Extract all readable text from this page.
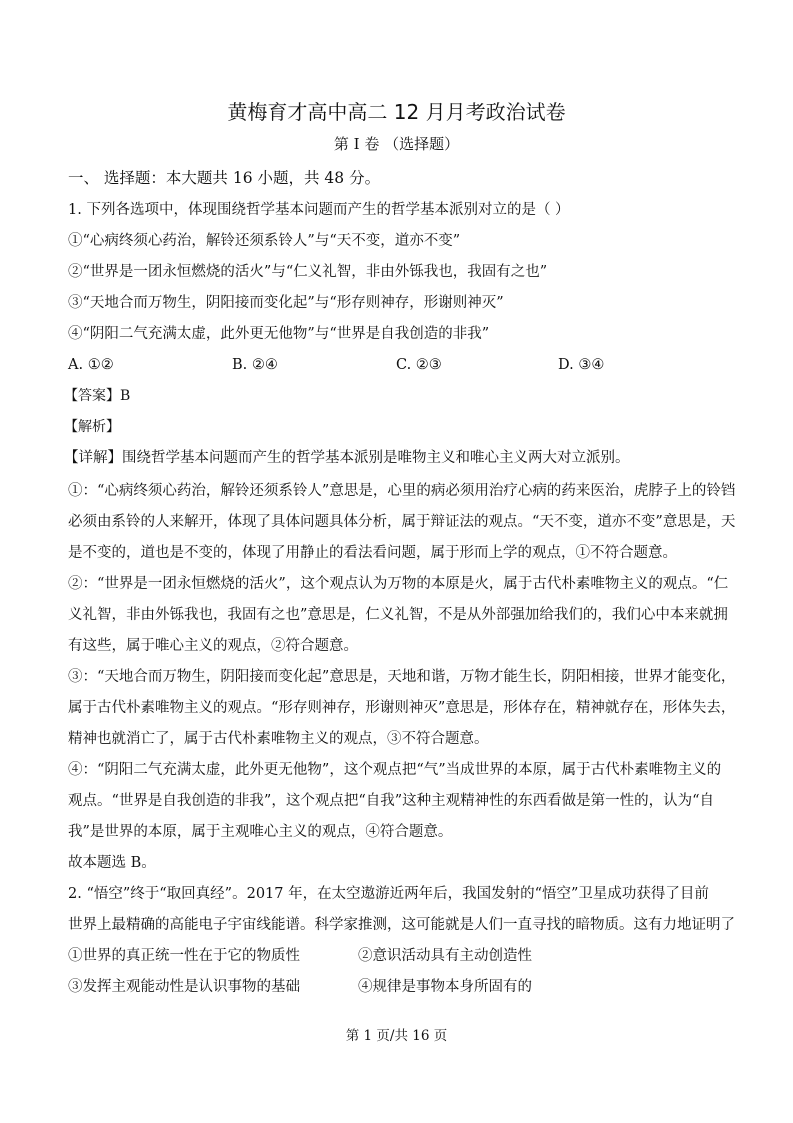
黄梅育才高中高二 12 月月考政治试卷
第 I 卷 （选择题）
一、 选择题：本大题共 16 小题，共 48 分。
1. 下列各选项中，体现围绕哲学基本问题而产生的哲学基本派别对立的是（ ）
①“心病终须心药治，解铃还须系铃人”与“天不变，道亦不变”
②“世界是一团永恒燃烧的活火”与“仁义礼智，非由外铄我也，我固有之也”
③“天地合而万物生，阴阳接而变化起”与“形存则神存，形谢则神灭”
④“阴阳二气充满太虚，此外更无他物”与“世界是自我创造的非我”
A. ①②	B. ②④	C. ②③	D. ③④
【答案】B
【解析】
【详解】围绕哲学基本问题而产生的哲学基本派别是唯物主义和唯心主义两大对立派别。
①：“心病终须心药治，解铃还须系铃人”意思是，心里的病必须用治疗心病的药来医治，虎脖子上的铃铛
必须由系铃的人来解开，体现了具体问题具体分析，属于辩证法的观点。“天不变，道亦不变”意思是，天
是不变的，道也是不变的，体现了用静止的看法看问题，属于形而上学的观点，①不符合题意。
②：“世界是一团永恒燃烧的活火”，这个观点认为万物的本原是火，属于古代朴素唯物主义的观点。“仁
义礼智，非由外铄我也，我固有之也”意思是，仁义礼智，不是从外部强加给我们的，我们心中本来就拥
有这些，属于唯心主义的观点，②符合题意。
③：“天地合而万物生，阴阳接而变化起”意思是，天地和谐，万物才能生长，阴阳相接，世界才能变化，
属于古代朴素唯物主义的观点。“形存则神存，形谢则神灭”意思是，形体存在，精神就存在，形体失去，
精神也就消亡了，属于古代朴素唯物主义的观点，③不符合题意。
④：“阴阳二气充满太虚，此外更无他物”，这个观点把“气”当成世界的本原，属于古代朴素唯物主义的
观点。“世界是自我创造的非我”，这个观点把“自我”这种主观精神性的东西看做是第一性的，认为“自
我”是世界的本原，属于主观唯心主义的观点，④符合题意。
故本题选 B。
2. “悟空”终于“取回真经”。2017 年，在太空遨游近两年后，我国发射的“悟空”卫星成功获得了目前
世界上最精确的高能电子宇宙线能谱。科学家推测，这可能就是人们一直寻找的暗物质。这有力地证明了
①世界的真正统一性在于它的物质性	②意识活动具有主动创造性
③发挥主观能动性是认识事物的基础	④规律是事物本身所固有的
第 1 页/共 16 页
